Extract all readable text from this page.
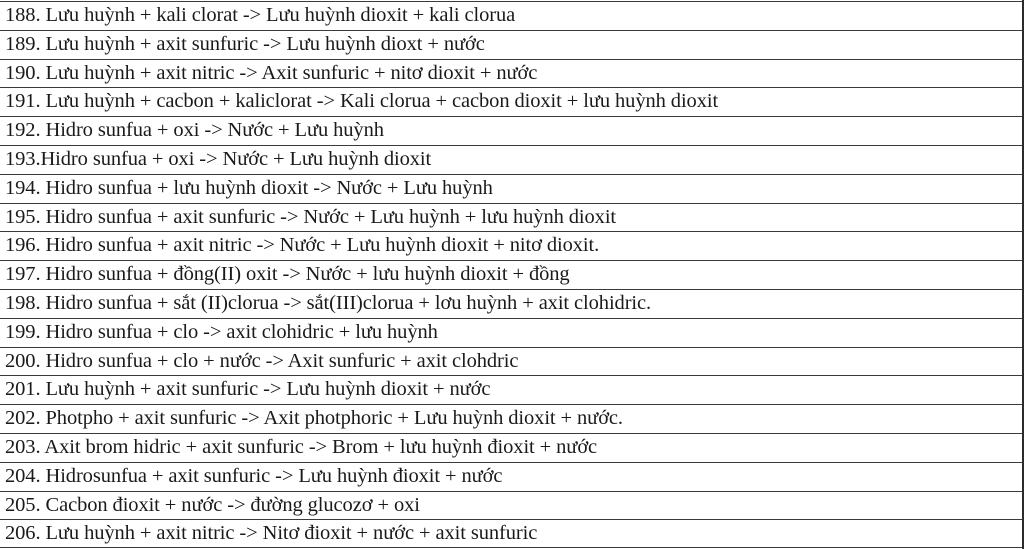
188. Lưu huỳnh + kali clorat -> Lưu huỳnh dioxit + kali clorua
189. Lưu huỳnh + axit sunfuric -> Lưu huỳnh dioxt + nước
190. Lưu huỳnh + axit nitric -> Axit sunfuric + nitơ dioxit + nước
191. Lưu huỳnh + cacbon + kaliclorat -> Kali clorua + cacbon dioxit + lưu huỳnh dioxit
192. Hidro sunfua + oxi -> Nước + Lưu huỳnh
193.Hidro sunfua + oxi -> Nước + Lưu huỳnh dioxit
194. Hidro sunfua + lưu huỳnh dioxit -> Nước + Lưu huỳnh
195. Hidro sunfua + axit sunfuric -> Nước + Lưu huỳnh + lưu huỳnh dioxit
196. Hidro sunfua + axit nitric -> Nước + Lưu huỳnh dioxit + nitơ dioxit.
197. Hidro sunfua + đồng(II) oxit -> Nước + lưu huỳnh dioxit + đồng
198. Hidro sunfua + sắt (II)clorua -> sắt(III)clorua + lơu huỳnh + axit clohidric.
199. Hidro sunfua + clo -> axit clohidric + lưu huỳnh
200. Hidro sunfua + clo + nước -> Axit sunfuric + axit clohdric
201. Lưu huỳnh + axit sunfuric -> Lưu huỳnh dioxit + nước
202. Photpho + axit sunfuric -> Axit photphoric + Lưu huỳnh dioxit + nước.
203. Axit brom hidric + axit sunfuric -> Brom + lưu huỳnh đioxit + nước
204. Hidrosunfua + axit sunfuric -> Lưu huỳnh đioxit + nước
205. Cacbon đioxit + nước -> đường glucozơ + oxi
206. Lưu huỳnh + axit nitric -> Nitơ đioxit + nước + axit sunfuric
